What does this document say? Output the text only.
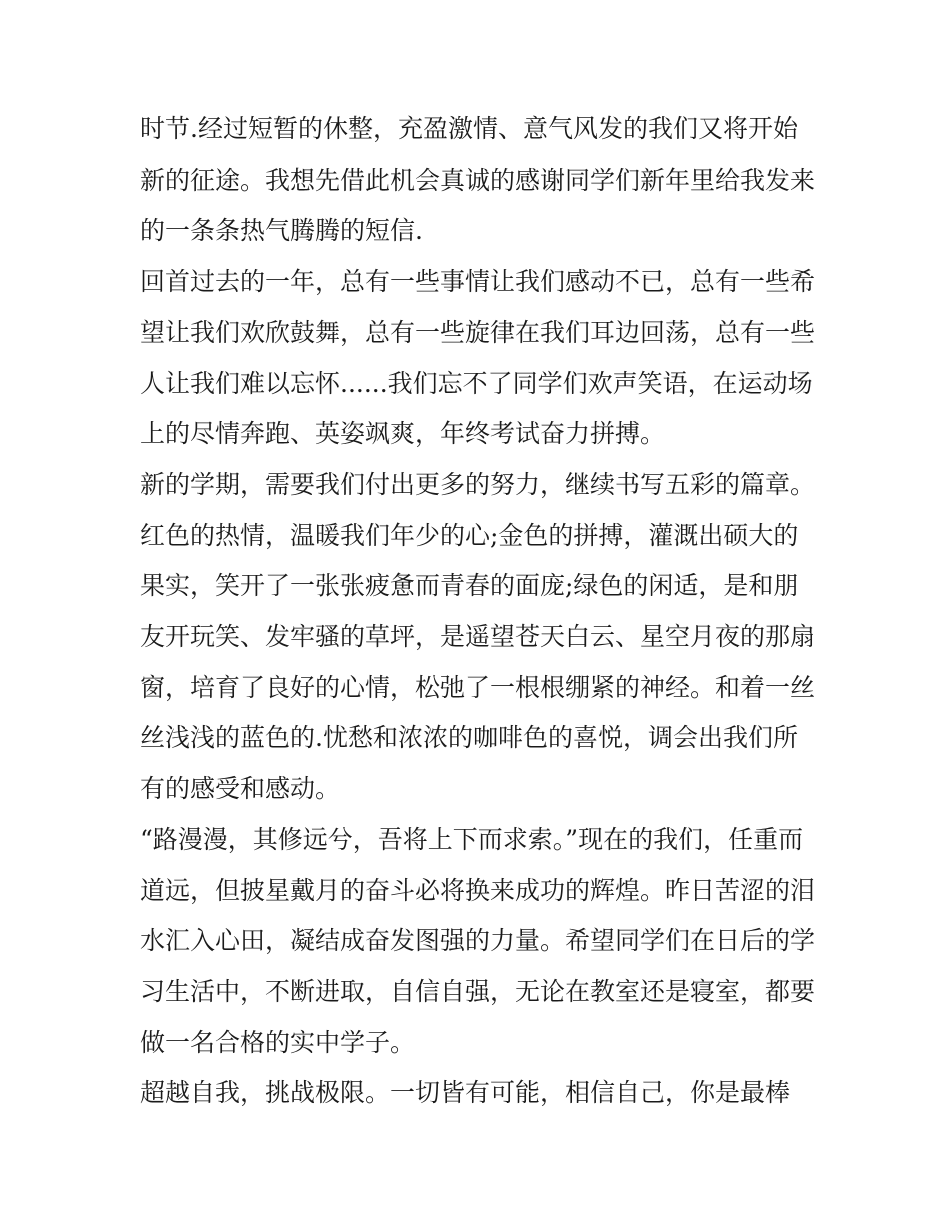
时节.经过短暂的休整，充盈激情、意气风发的我们又将开始

新的征途。我想先借此机会真诚的感谢同学们新年里给我发来

的一条条热气腾腾的短信.

回首过去的一年，总有一些事情让我们感动不已，总有一些希

望让我们欢欣鼓舞，总有一些旋律在我们耳边回荡，总有一些

人让我们难以忘怀......我们忘不了同学们欢声笑语，在运动场

上的尽情奔跑、英姿飒爽，年终考试奋力拼搏。

新的学期，需要我们付出更多的努力，继续书写五彩的篇章。

红色的热情，温暖我们年少的心;金色的拼搏，灌溉出硕大的

果实，笑开了一张张疲惫而青春的面庞;绿色的闲适，是和朋

友开玩笑、发牢骚的草坪，是遥望苍天白云、星空月夜的那扇

窗，培育了良好的心情，松弛了一根根绷紧的神经。和着一丝

丝浅浅的蓝色的.忧愁和浓浓的咖啡色的喜悦，调会出我们所

有的感受和感动。

“路漫漫，其修远兮，吾将上下而求索。”现在的我们，任重而

道远，但披星戴月的奋斗必将换来成功的辉煌。昨日苦涩的泪

水汇入心田，凝结成奋发图强的力量。希望同学们在日后的学

习生活中，不断进取，自信自强，无论在教室还是寝室，都要

做一名合格的实中学子。

超越自我，挑战极限。一切皆有可能，相信自己，你是最棒
